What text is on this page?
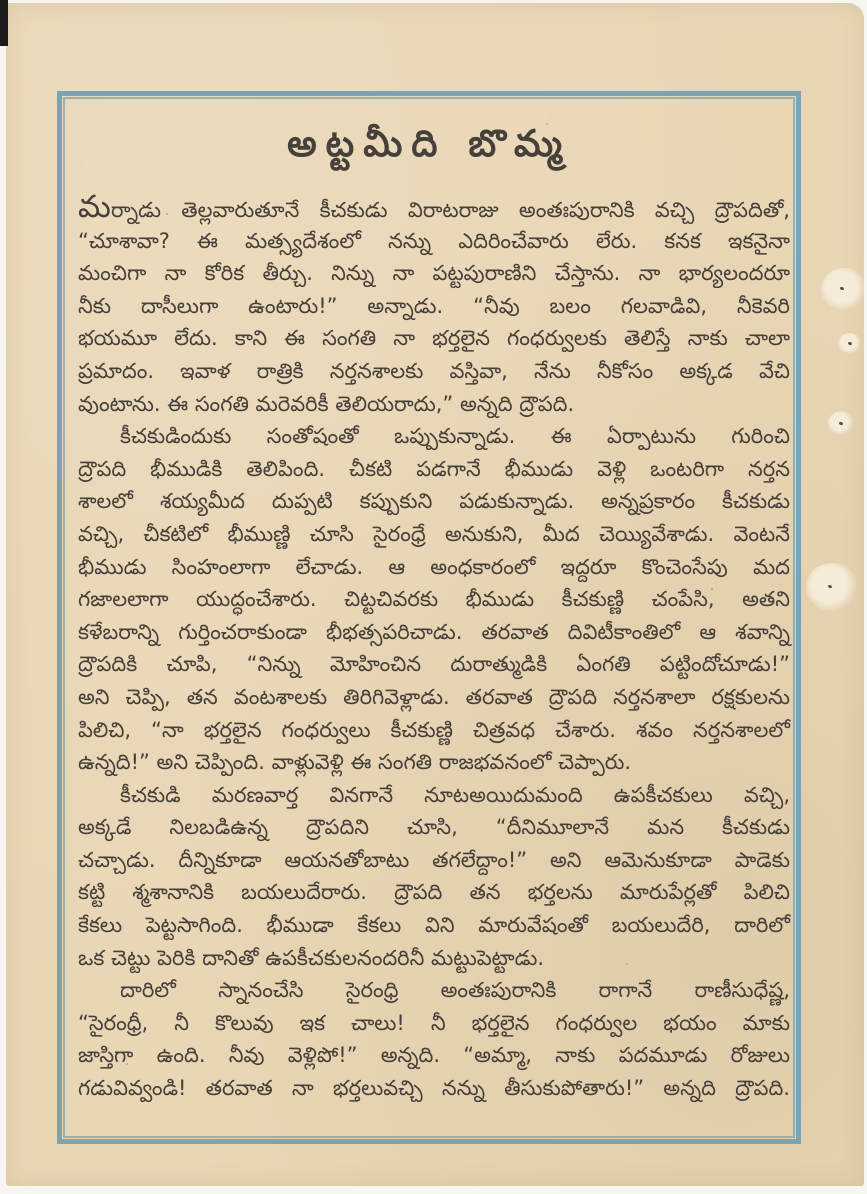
అట్టమీది బొమ్మ
మర్నాడు తెల్లవారుతూనే కీచకుడు విరాటరాజు అంతఃపురానికి వచ్చి ద్రౌపదితో,
“చూశావా? ఈ మత్స్యదేశంలో నన్ను ఎదిరించేవారు లేరు. కనక ఇకనైనా
మంచిగా నా కోరిక తీర్చు. నిన్ను నా పట్టపురాణిని చేస్తాను. నా భార్యలందరూ
నీకు దాసీలుగా ఉంటారు!” అన్నాడు. “నీవు బలం గలవాడివి, నీకెవరి
భయమూ లేదు. కాని ఈ సంగతి నా భర్తలైన గంధర్వులకు తెలిస్తే నాకు చాలా
ప్రమాదం. ఇవాళ రాత్రికి నర్తనశాలకు వస్తివా, నేను నీకోసం అక్కడ వేచి
వుంటాను. ఈ సంగతి మరెవరికీ తెలియరాదు,” అన్నది ద్రౌపది.
కీచకుడిందుకు సంతోషంతో ఒప్పుకున్నాడు. ఈ ఏర్పాటును గురించి
ద్రౌపది భీముడికి తెలిపింది. చీకటి పడగానే భీముడు వెళ్లి ఒంటరిగా నర్తన
శాలలో శయ్యమీద దుప్పటి కప్పుకుని పడుకున్నాడు. అన్నప్రకారం కీచకుడు
వచ్చి, చీకటిలో భీముణ్ణి చూసి సైరంధ్రే అనుకుని, మీద చెయ్యివేశాడు. వెంటనే
భీముడు సింహంలాగా లేచాడు. ఆ అంధకారంలో ఇద్దరూ కొంచెంసేపు మద
గజాలలాగా యుద్ధంచేశారు. చిట్టచివరకు భీముడు కీచకుణ్ణి చంపేసి, అతని
కళేబరాన్ని గుర్తించరాకుండా భీభత్సపరిచాడు. తరవాత దివిటీకాంతిలో ఆ శవాన్ని
ద్రౌపదికి చూపి, “నిన్ను మోహించిన దురాత్ముడికి ఏంగతి పట్టిందోచూడు!”
అని చెప్పి, తన వంటశాలకు తిరిగివెళ్లాడు. తరవాత ద్రౌపది నర్తనశాలా రక్షకులను
పిలిచి, “నా భర్తలైన గంధర్వులు కీచకుణ్ణి చిత్రవధ చేశారు. శవం నర్తనశాలలో
ఉన్నది!” అని చెప్పింది. వాళ్లువెళ్లి ఈ సంగతి రాజభవనంలో చెప్పారు.
కీచకుడి మరణవార్త వినగానే నూటఅయిదుమంది ఉపకీచకులు వచ్చి,
అక్కడే నిలబడిఉన్న ద్రౌపదిని చూసి, “దీనిమూలానే మన కీచకుడు
చచ్చాడు. దీన్నికూడా ఆయనతోబాటు తగలేద్దాం!” అని ఆమెనుకూడా పాడెకు
కట్టి శ్మశానానికి బయలుదేరారు. ద్రౌపది తన భర్తలను మారుపేర్లతో పిలిచి
కేకలు పెట్టసాగింది. భీముడా కేకలు విని మారువేషంతో బయలుదేరి, దారిలో
ఒక చెట్టు పెరికి దానితో ఉపకీచకులనందరినీ మట్టుపెట్టాడు.
దారిలో స్నానంచేసి సైరంధ్రి అంతఃపురానికి రాగానే రాణీసుధేష్ణ,
“సైరంధ్రీ, నీ కొలువు ఇక చాలు! నీ భర్తలైన గంధర్వుల భయం మాకు
జాస్తిగా ఉంది. నీవు వెళ్లిపో!” అన్నది. “అమ్మా, నాకు పదమూడు రోజులు
గడువివ్వండి! తరవాత నా భర్తలువచ్చి నన్ను తీసుకుపోతారు!” అన్నది ద్రౌపది.
